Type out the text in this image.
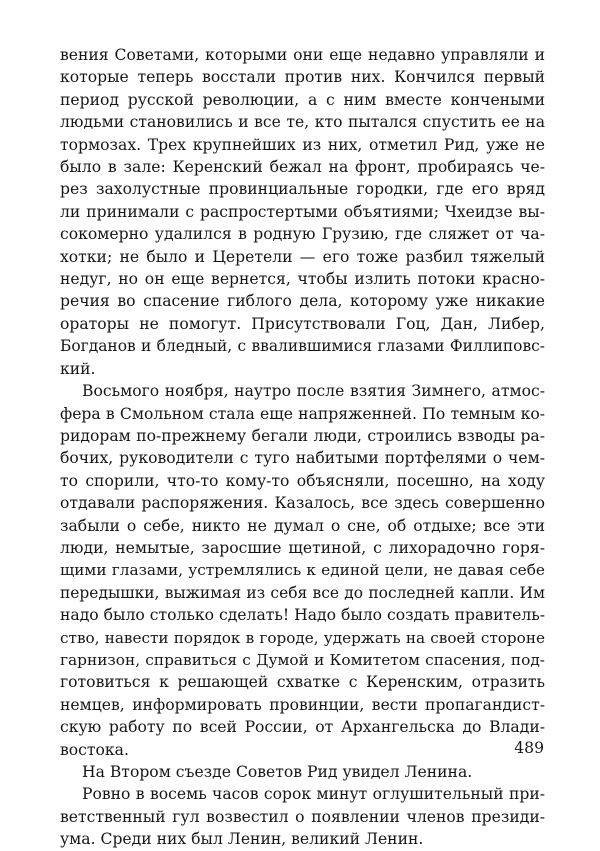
вения Советами, которыми они еще недавно управляли и
которые теперь восстали против них. Кончился первый
период русской революции, а с ним вместе кончеными
людьми становились и все те, кто пытался спустить ее на
тормозах. Трех крупнейших из них, отметил Рид, уже не
было в зале: Керенский бежал на фронт, пробираясь че-
рез захолустные провинциальные городки, где его вряд
ли принимали с распростертыми объятиями; Чхеидзе вы-
сокомерно удалился в родную Грузию, где сляжет от ча-
хотки; не было и Церетели — его тоже разбил тяжелый
недуг, но он еще вернется, чтобы излить потоки красно-
речия во спасение гиблого дела, которому уже никакие
ораторы не помогут. Присутствовали Гоц, Дан, Либер,
Богданов и бледный, с ввалившимися глазами Филлиповс-
кий.
Восьмого ноября, наутро после взятия Зимнего, атмос-
фера в Смольном стала еще напряженней. По темным ко-
ридорам по-прежнему бегали люди, строились взводы ра-
бочих, руководители с туго набитыми портфелями о чем-
то спорили, что-то кому-то объясняли, посешно, на ходу
отдавали распоряжения. Казалось, все здесь совершенно
забыли о себе, никто не думал о сне, об отдыхе; все эти
люди, немытые, заросшие щетиной, с лихорадочно горя-
щими глазами, устремлялись к единой цели, не давая себе
передышки, выжимая из себя все до последней капли. Им
надо было столько сделать! Надо было создать правитель-
ство, навести порядок в городе, удержать на своей стороне
гарнизон, справиться с Думой и Комитетом спасения, под-
готовиться к решающей схватке с Керенским, отразить
немцев, информировать провинции, вести пропагандист-
скую работу по всей России, от Архангельска до Влади-
востока.
На Втором съезде Советов Рид увидел Ленина.
Ровно в восемь часов сорок минут оглушительный при-
ветственный гул возвестил о появлении членов президи-
ума. Среди них был Ленин, великий Ленин.
489
